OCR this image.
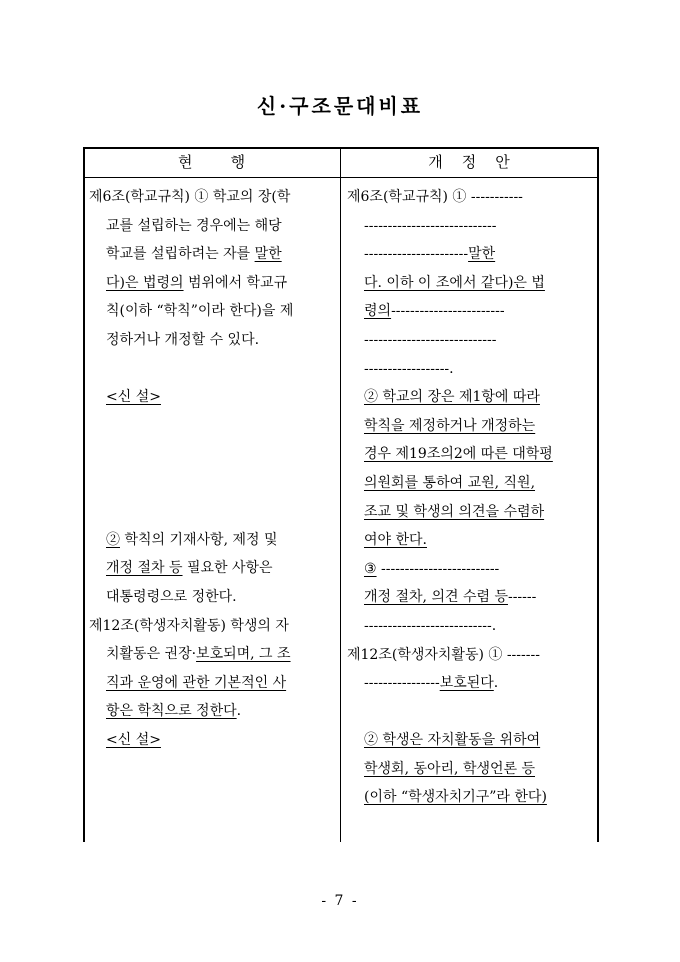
신·구조문대비표
현        행	개    정    안

제6조(학교규칙) ① 학교의 장(학

교를 설립하는 경우에는 해당

학교를 설립하려는 자를 말한

다)은 법령의 범위에서 학교규

칙(이하 “학칙”이라 한다)을 제

정하거나 개정할 수 있다.

<신 설>

② 학칙의 기재사항, 제정 및

개정 절차 등 필요한 사항은

대통령령으로 정한다.

제12조(학생자치활동) 학생의 자

치활동은 권장·보호되며, 그 조

직과 운영에 관한 기본적인 사

항은 학칙으로 정한다.

<신 설>

제6조(학교규칙) ① -----------

----------------------------

----------------------말한

다. 이하 이 조에서 같다)은 법

령의------------------------

----------------------------

------------------.

② 학교의 장은 제1항에 따라

학칙을 제정하거나 개정하는

경우 제19조의2에 따른 대학평

의원회를 통하여 교원, 직원,

조교 및 학생의 의견을 수렴하

여야 한다.

③ -------------------------

개정 절차, 의견 수렴 등------

---------------------------.

제12조(학생자치활동) ① -------

----------------보호된다.

② 학생은 자치활동을 위하여

학생회, 동아리, 학생언론 등

(이하 “학생자치기구”라 한다)

- 7 -
